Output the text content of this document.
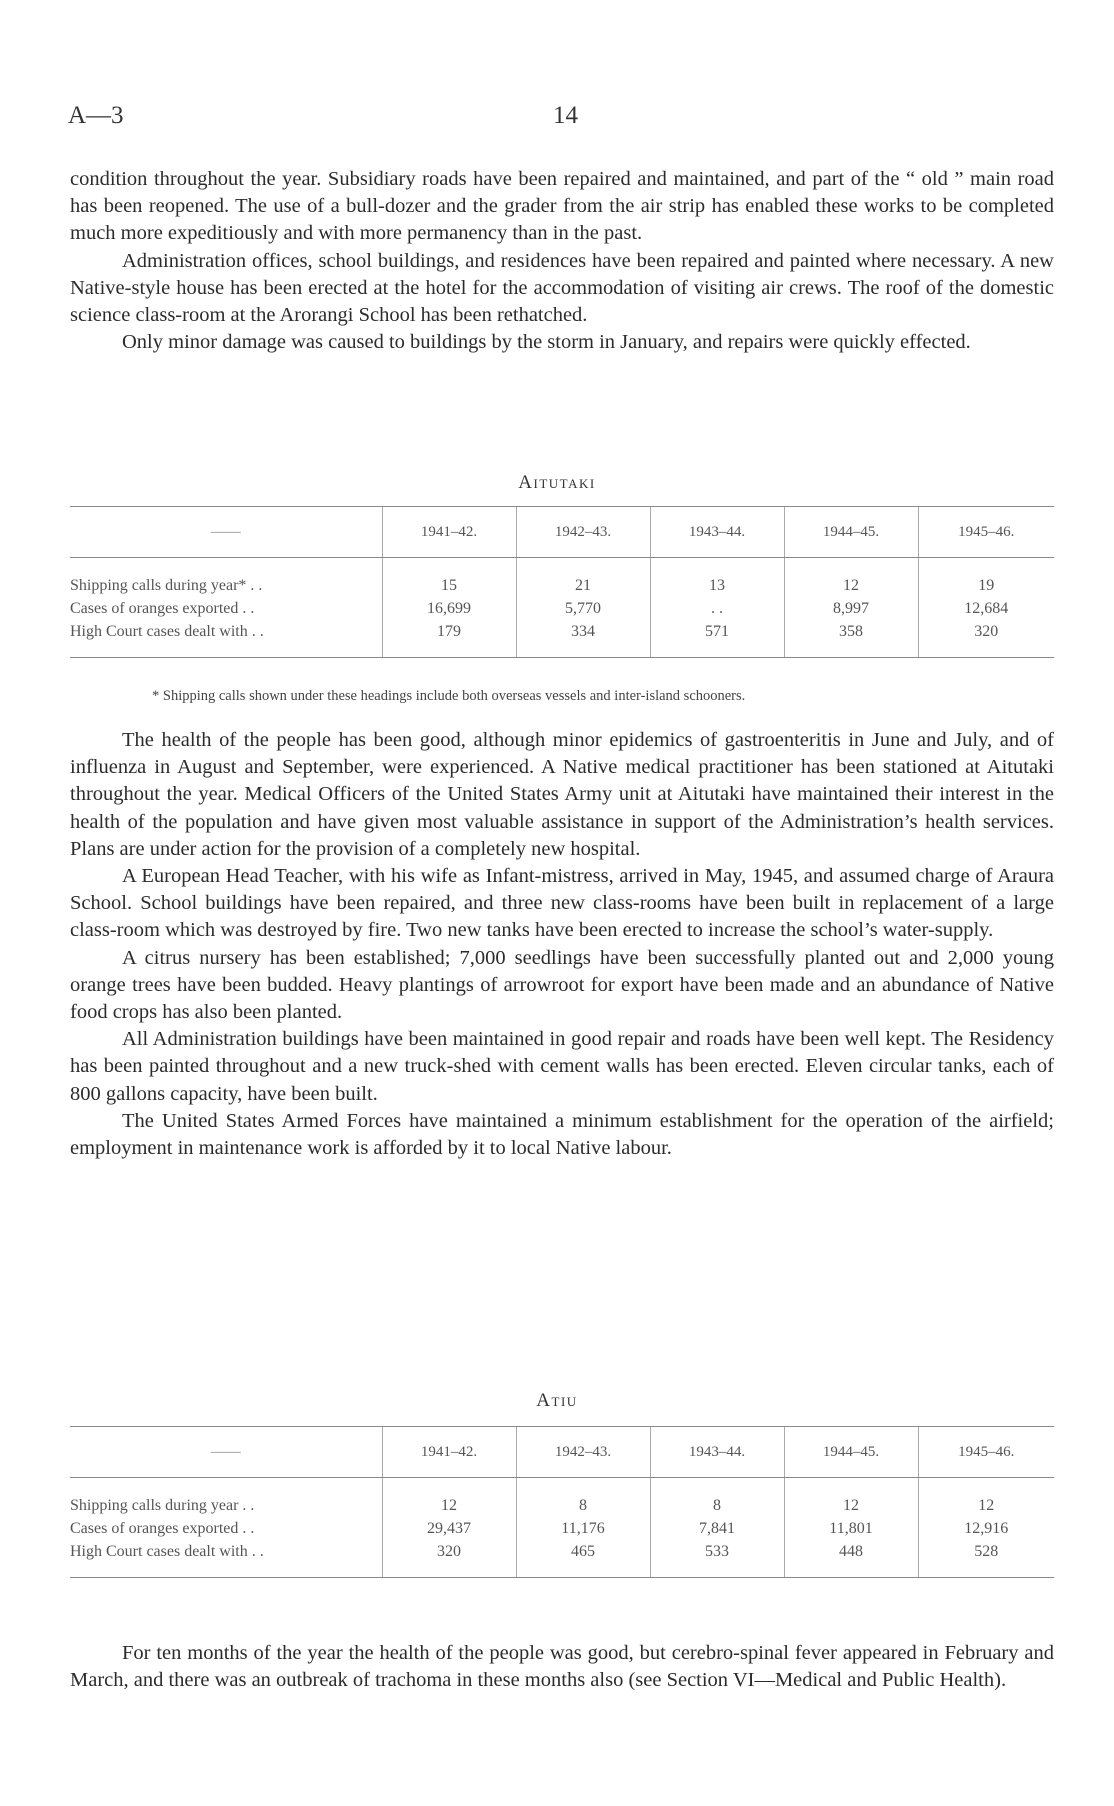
A—3	14

condition throughout the year. Subsidiary roads have been repaired and maintained, and part of the “ old ” main road has been reopened. The use of a bull-dozer and the grader from the air strip has enabled these works to be completed much more expeditiously and with more permanency than in the past.

Administration offices, school buildings, and residences have been repaired and painted where necessary. A new Native-style house has been erected at the hotel for the accommodation of visiting air crews. The roof of the domestic science class-room at the Arorangi School has been rethatched.

Only minor damage was caused to buildings by the storm in January, and repairs were quickly effected.

Aitutaki
——	1941–42.	1942–43.	1943–44.	1944–45.	1945–46.
Shipping calls during year* . .	15	21	13	12	19
Cases of oranges exported . .	16,699	5,770	. .	8,997	12,684
High Court cases dealt with . .	179	334	571	358	320
* Shipping calls shown under these headings include both overseas vessels and inter-island schooners.

The health of the people has been good, although minor epidemics of gastroenteritis in June and July, and of influenza in August and September, were experienced. A Native medical practitioner has been stationed at Aitutaki throughout the year. Medical Officers of the United States Army unit at Aitutaki have maintained their interest in the health of the population and have given most valuable assistance in support of the Administration’s health services. Plans are under action for the provision of a completely new hospital.

A European Head Teacher, with his wife as Infant-mistress, arrived in May, 1945, and assumed charge of Araura School. School buildings have been repaired, and three new class-rooms have been built in replacement of a large class-room which was destroyed by fire. Two new tanks have been erected to increase the school’s water-supply.

A citrus nursery has been established; 7,000 seedlings have been successfully planted out and 2,000 young orange trees have been budded. Heavy plantings of arrowroot for export have been made and an abundance of Native food crops has also been planted.

All Administration buildings have been maintained in good repair and roads have been well kept. The Residency has been painted throughout and a new truck-shed with cement walls has been erected. Eleven circular tanks, each of 800 gallons capacity, have been built.

The United States Armed Forces have maintained a minimum establishment for the operation of the airfield; employment in maintenance work is afforded by it to local Native labour.

Atiu
——	1941–42.	1942–43.	1943–44.	1944–45.	1945–46.
Shipping calls during year . .	12	8	8	12	12
Cases of oranges exported . .	29,437	11,176	7,841	11,801	12,916
High Court cases dealt with . .	320	465	533	448	528

For ten months of the year the health of the people was good, but cerebro-spinal fever appeared in February and March, and there was an outbreak of trachoma in these months also (see Section VI—Medical and Public Health).
